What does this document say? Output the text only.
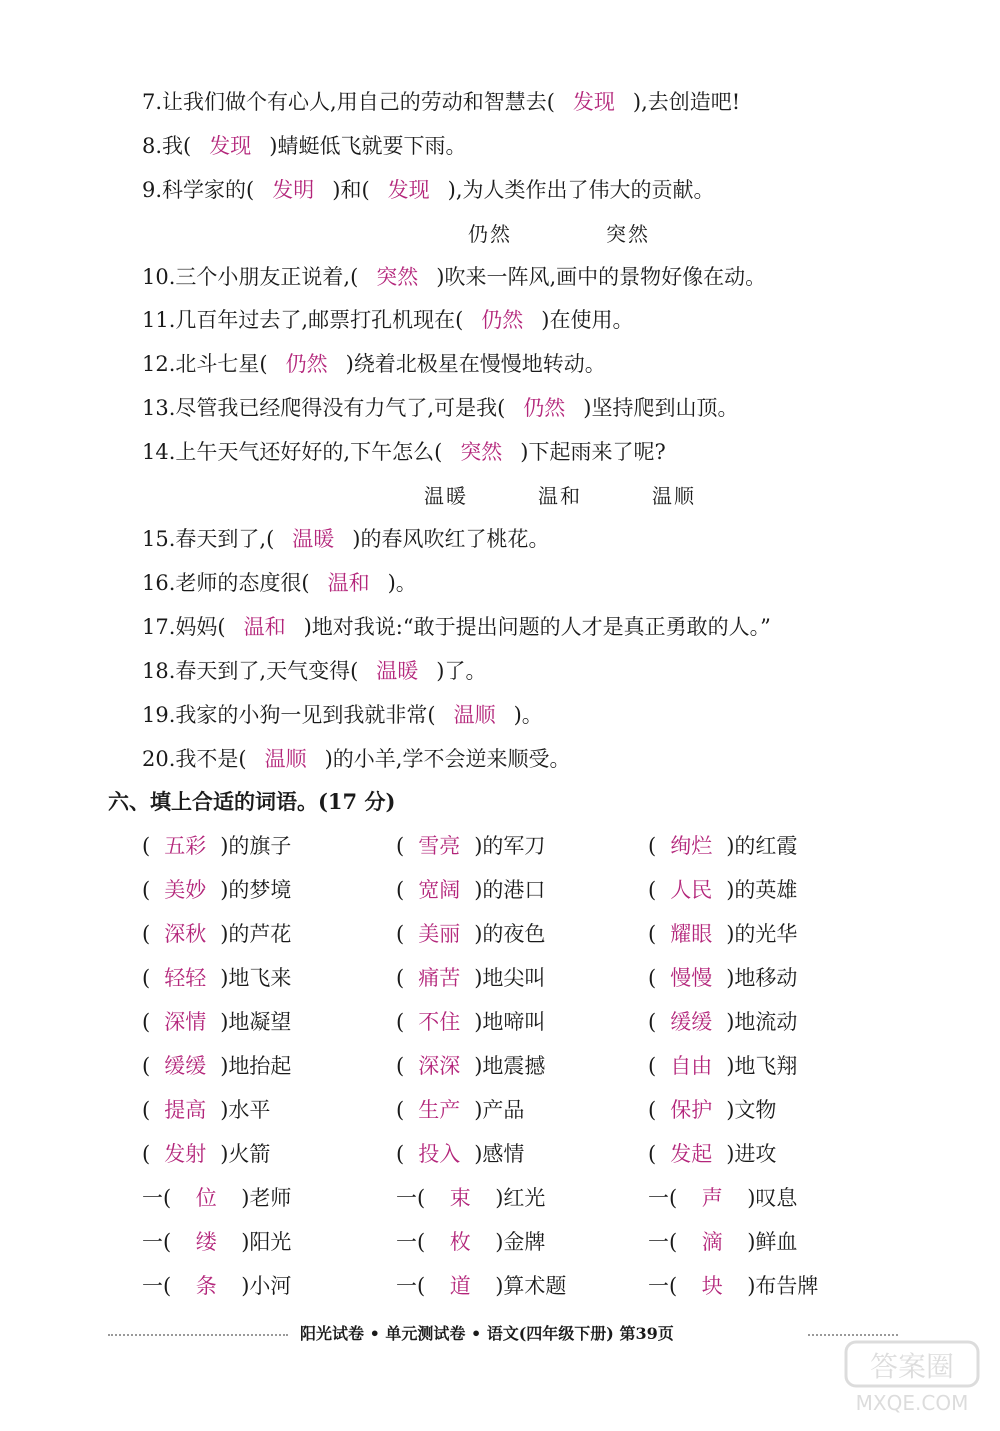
7.让我们做个有心人,用自己的劳动和智慧去( 发现 ),去创造吧!
8.我( 发现 )蜻蜓低飞就要下雨。
9.科学家的( 发明 )和( 发现 ),为人类作出了伟大的贡献。
10.三个小朋友正说着,( 突然 )吹来一阵风,画中的景物好像在动。
11.几百年过去了,邮票打孔机现在( 仍然 )在使用。
12.北斗七星( 仍然 )绕着北极星在慢慢地转动。
13.尽管我已经爬得没有力气了,可是我( 仍然 )坚持爬到山顶。
14.上午天气还好好的,下午怎么( 突然 )下起雨来了呢?
15.春天到了,( 温暖 )的春风吹红了桃花。
16.老师的态度很( 温和 )。
17.妈妈( 温和 )地对我说:“敢于提出问题的人才是真正勇敢的人。”
18.春天到了,天气变得( 温暖 )了。
19.我家的小狗一见到我就非常( 温顺 )。
20.我不是( 温顺 )的小羊,学不会逆来顺受。
仍然	突然
温暖	温和	温顺
六、填上合适的词语。(17 分)
( 五彩 )的旗子	( 雪亮 )的军刀	( 绚烂 )的红霞
( 美妙 )的梦境	( 宽阔 )的港口	( 人民 )的英雄
( 深秋 )的芦花	( 美丽 )的夜色	( 耀眼 )的光华
( 轻轻 )地飞来	( 痛苦 )地尖叫	( 慢慢 )地移动
( 深情 )地凝望	( 不住 )地啼叫	( 缓缓 )地流动
( 缓缓 )地抬起	( 深深 )地震撼	( 自由 )地飞翔
( 提高 )水平	( 生产 )产品	( 保护 )文物
( 发射 )火箭	( 投入 )感情	( 发起 )进攻
一( 位 )老师	一( 束 )红光	一( 声 )叹息
一( 缕 )阳光	一( 枚 )金牌	一( 滴 )鲜血
一( 条 )小河	一( 道 )算术题	一( 块 )布告牌
阳光试卷 • 单元测试卷 • 语文(四年级下册) 第39页
答案圈
MXQE.COM
